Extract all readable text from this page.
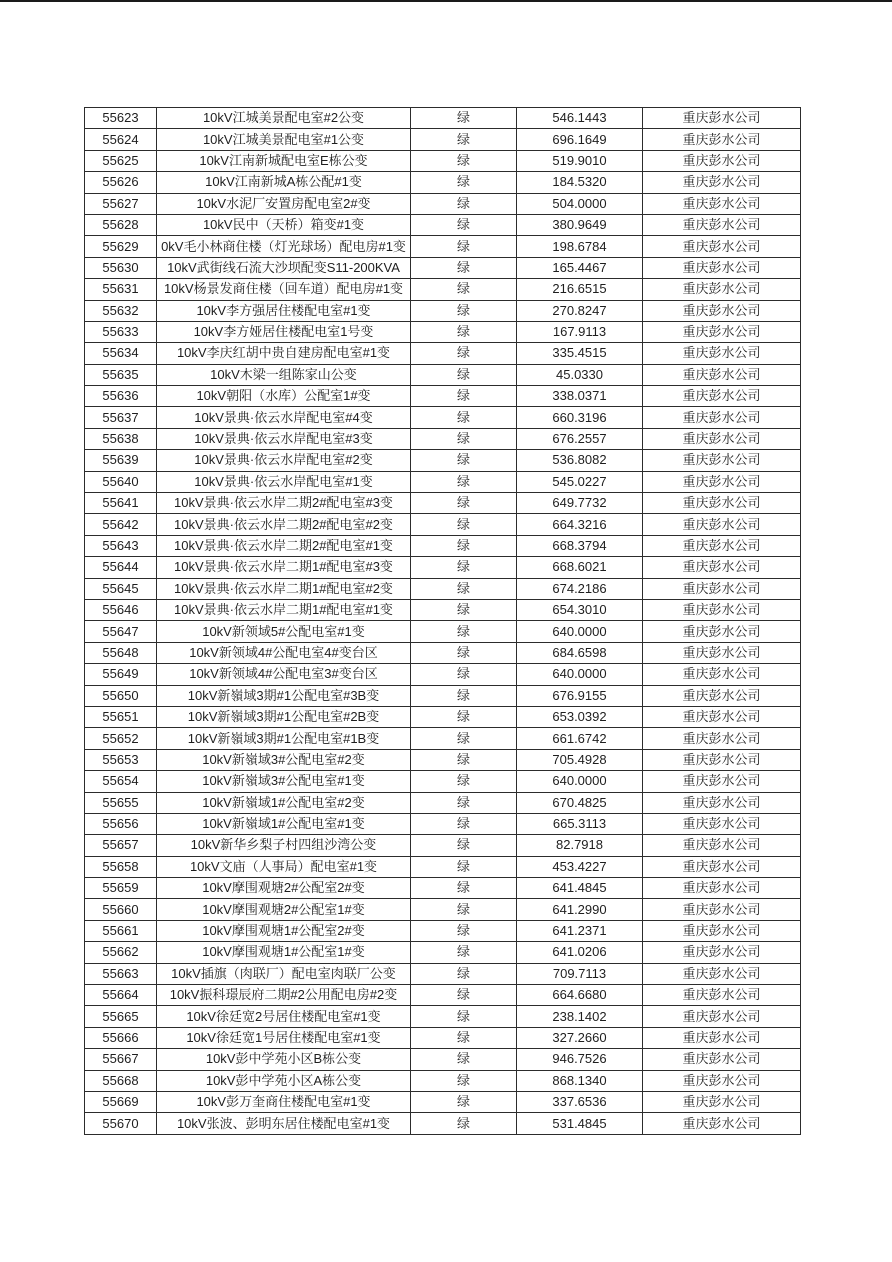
55623	10kV江城美景配电室#2公变	绿	546.1443	重庆彭水公司
55624	10kV江城美景配电室#1公变	绿	696.1649	重庆彭水公司
55625	10kV江南新城配电室E栋公变	绿	519.9010	重庆彭水公司
55626	10kV江南新城A栋公配#1变	绿	184.5320	重庆彭水公司
55627	10kV水泥厂安置房配电室2#变	绿	504.0000	重庆彭水公司
55628	10kV民中（天桥）箱变#1变	绿	380.9649	重庆彭水公司
55629	0kV毛小林商住楼（灯光球场）配电房#1变	绿	198.6784	重庆彭水公司
55630	10kV武街线石流大沙坝配变S11-200KVA	绿	165.4467	重庆彭水公司
55631	10kV杨景发商住楼（回车道）配电房#1变	绿	216.6515	重庆彭水公司
55632	10kV李方强居住楼配电室#1变	绿	270.8247	重庆彭水公司
55633	10kV李方娅居住楼配电室1号变	绿	167.9113	重庆彭水公司
55634	10kV李庆红胡中贵自建房配电室#1变	绿	335.4515	重庆彭水公司
55635	10kV木梁一组陈家山公变	绿	45.0330	重庆彭水公司
55636	10kV朝阳（水库）公配室1#变	绿	338.0371	重庆彭水公司
55637	10kV景典·依云水岸配电室#4变	绿	660.3196	重庆彭水公司
55638	10kV景典·依云水岸配电室#3变	绿	676.2557	重庆彭水公司
55639	10kV景典·依云水岸配电室#2变	绿	536.8082	重庆彭水公司
55640	10kV景典·依云水岸配电室#1变	绿	545.0227	重庆彭水公司
55641	10kV景典·依云水岸二期2#配电室#3变	绿	649.7732	重庆彭水公司
55642	10kV景典·依云水岸二期2#配电室#2变	绿	664.3216	重庆彭水公司
55643	10kV景典·依云水岸二期2#配电室#1变	绿	668.3794	重庆彭水公司
55644	10kV景典·依云水岸二期1#配电室#3变	绿	668.6021	重庆彭水公司
55645	10kV景典·依云水岸二期1#配电室#2变	绿	674.2186	重庆彭水公司
55646	10kV景典·依云水岸二期1#配电室#1变	绿	654.3010	重庆彭水公司
55647	10kV新领域5#公配电室#1变	绿	640.0000	重庆彭水公司
55648	10kV新领域4#公配电室4#变台区	绿	684.6598	重庆彭水公司
55649	10kV新领域4#公配电室3#变台区	绿	640.0000	重庆彭水公司
55650	10kV新嶺域3期#1公配电室#3B变	绿	676.9155	重庆彭水公司
55651	10kV新嶺域3期#1公配电室#2B变	绿	653.0392	重庆彭水公司
55652	10kV新嶺域3期#1公配电室#1B变	绿	661.6742	重庆彭水公司
55653	10kV新嶺域3#公配电室#2变	绿	705.4928	重庆彭水公司
55654	10kV新嶺域3#公配电室#1变	绿	640.0000	重庆彭水公司
55655	10kV新嶺域1#公配电室#2变	绿	670.4825	重庆彭水公司
55656	10kV新嶺域1#公配电室#1变	绿	665.3113	重庆彭水公司
55657	10kV新华乡梨子村四组沙湾公变	绿	82.7918	重庆彭水公司
55658	10kV文庙（人事局）配电室#1变	绿	453.4227	重庆彭水公司
55659	10kV摩围观塘2#公配室2#变	绿	641.4845	重庆彭水公司
55660	10kV摩围观塘2#公配室1#变	绿	641.2990	重庆彭水公司
55661	10kV摩围观塘1#公配室2#变	绿	641.2371	重庆彭水公司
55662	10kV摩围观塘1#公配室1#变	绿	641.0206	重庆彭水公司
55663	10kV插旗（肉联厂）配电室肉联厂公变	绿	709.7113	重庆彭水公司
55664	10kV振科璟辰府二期#2公用配电房#2变	绿	664.6680	重庆彭水公司
55665	10kV徐廷宽2号居住楼配电室#1变	绿	238.1402	重庆彭水公司
55666	10kV徐廷宽1号居住楼配电室#1变	绿	327.2660	重庆彭水公司
55667	10kV彭中学苑小区B栋公变	绿	946.7526	重庆彭水公司
55668	10kV彭中学苑小区A栋公变	绿	868.1340	重庆彭水公司
55669	10kV彭万奎商住楼配电室#1变	绿	337.6536	重庆彭水公司
55670	10kV张波、彭明东居住楼配电室#1变	绿	531.4845	重庆彭水公司
